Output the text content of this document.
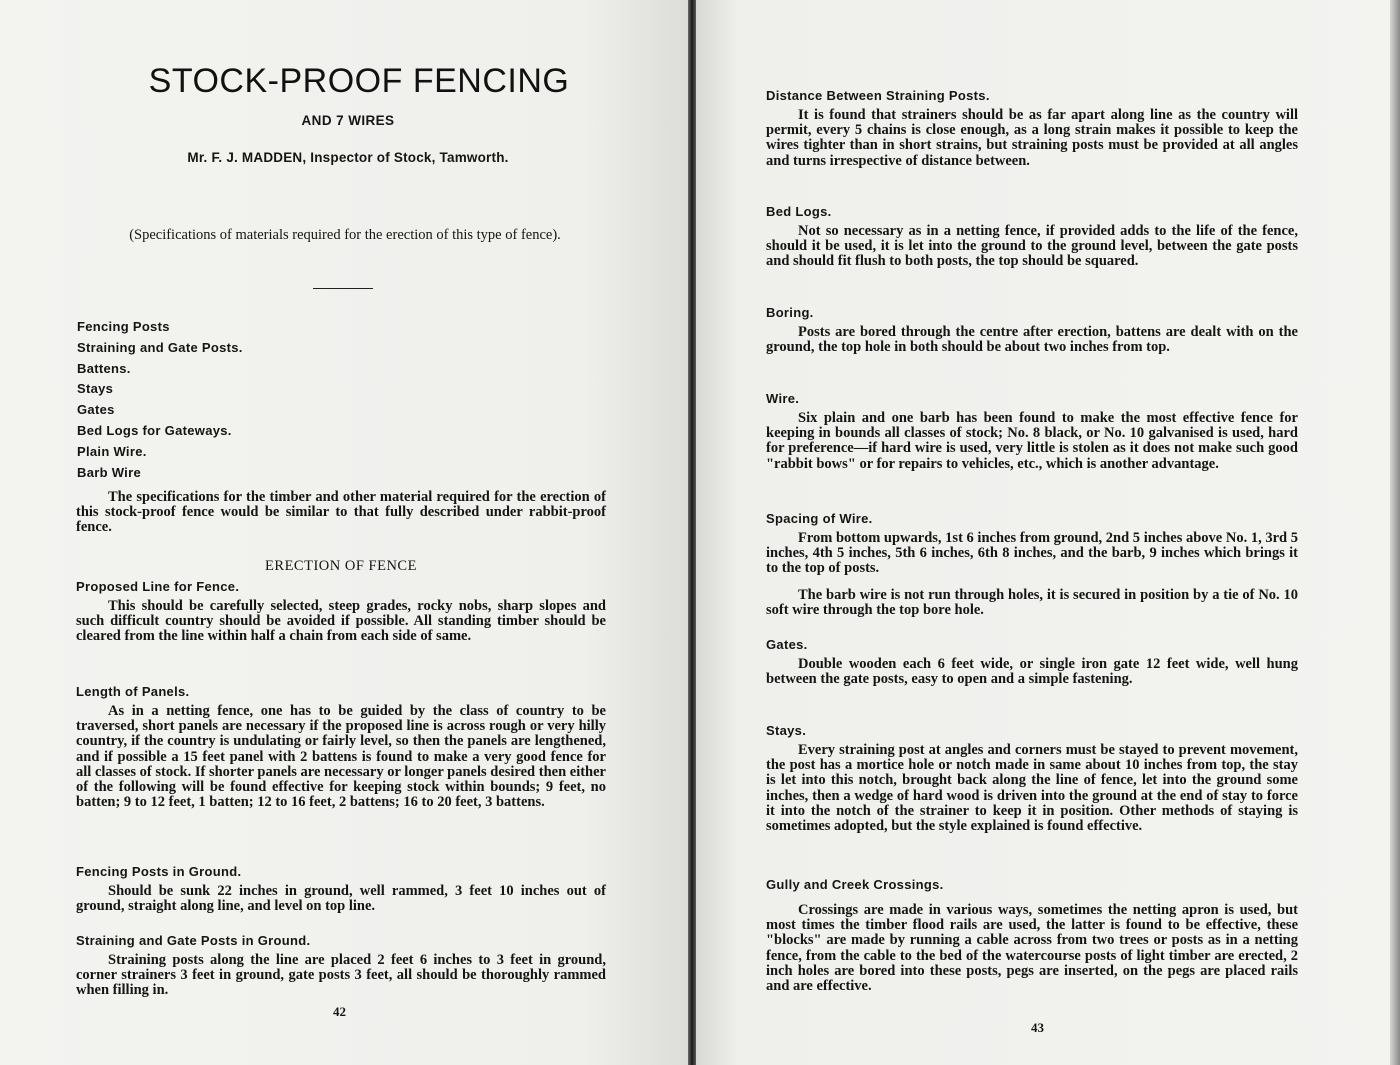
STOCK-PROOF FENCING
AND 7 WIRES
Mr. F. J. MADDEN, Inspector of Stock, Tamworth.
(Specifications of materials required for the erection of this type of fence).
Fencing Posts
Straining and Gate Posts.
Battens.
Stays
Gates
Bed Logs for Gateways.
Plain Wire.
Barb Wire

The specifications for the timber and other material required for the erection of this stock-proof fence would be similar to that fully described under rabbit-proof fence.

ERECTION OF FENCE

Proposed Line for Fence.

This should be carefully selected, steep grades, rocky nobs, sharp slopes and such difficult country should be avoided if possible. All standing timber should be cleared from the line within half a chain from each side of same.

Length of Panels.

As in a netting fence, one has to be guided by the class of country to be traversed, short panels are necessary if the proposed line is across rough or very hilly country, if the country is undulating or fairly level, so then the panels are lengthened, and if possible a 15 feet panel with 2 battens is found to make a very good fence for all classes of stock. If shorter panels are necessary or longer panels desired then either of the following will be found effective for keeping stock within bounds; 9 feet, no batten; 9 to 12 feet, 1 batten; 12 to 16 feet, 2 battens; 16 to 20 feet, 3 battens.

Fencing Posts in Ground.

Should be sunk 22 inches in ground, well rammed, 3 feet 10 inches out of ground, straight along line, and level on top line.

Straining and Gate Posts in Ground.

Straining posts along the line are placed 2 feet 6 inches to 3 feet in ground, corner strainers 3 feet in ground, gate posts 3 feet, all should be thoroughly rammed when filling in.

42

Distance Between Straining Posts.

It is found that strainers should be as far apart along line as the country will permit, every 5 chains is close enough, as a long strain makes it possible to keep the wires tighter than in short strains, but straining posts must be provided at all angles and turns irrespective of distance between.

Bed Logs.

Not so necessary as in a netting fence, if provided adds to the life of the fence, should it be used, it is let into the ground to the ground level, between the gate posts and should fit flush to both posts, the top should be squared.

Boring.

Posts are bored through the centre after erection, battens are dealt with on the ground, the top hole in both should be about two inches from top.

Wire.

Six plain and one barb has been found to make the most effective fence for keeping in bounds all classes of stock; No. 8 black, or No. 10 galvanised is used, hard for preference—if hard wire is used, very little is stolen as it does not make such good "rabbit bows" or for repairs to vehicles, etc., which is another advantage.

Spacing of Wire.

From bottom upwards, 1st 6 inches from ground, 2nd 5 inches above No. 1, 3rd 5 inches, 4th 5 inches, 5th 6 inches, 6th 8 inches, and the barb, 9 inches which brings it to the top of posts.

The barb wire is not run through holes, it is secured in position by a tie of No. 10 soft wire through the top bore hole.

Gates.

Double wooden each 6 feet wide, or single iron gate 12 feet wide, well hung between the gate posts, easy to open and a simple fastening.

Stays.

Every straining post at angles and corners must be stayed to prevent movement, the post has a mortice hole or notch made in same about 10 inches from top, the stay is let into this notch, brought back along the line of fence, let into the ground some inches, then a wedge of hard wood is driven into the ground at the end of stay to force it into the notch of the strainer to keep it in position. Other methods of staying is sometimes adopted, but the style explained is found effective.

Gully and Creek Crossings.

Crossings are made in various ways, sometimes the netting apron is used, but most times the timber flood rails are used, the latter is found to be effective, these "blocks" are made by running a cable across from two trees or posts as in a netting fence, from the cable to the bed of the watercourse posts of light timber are erected, 2 inch holes are bored into these posts, pegs are inserted, on the pegs are placed rails and are effective.

43
